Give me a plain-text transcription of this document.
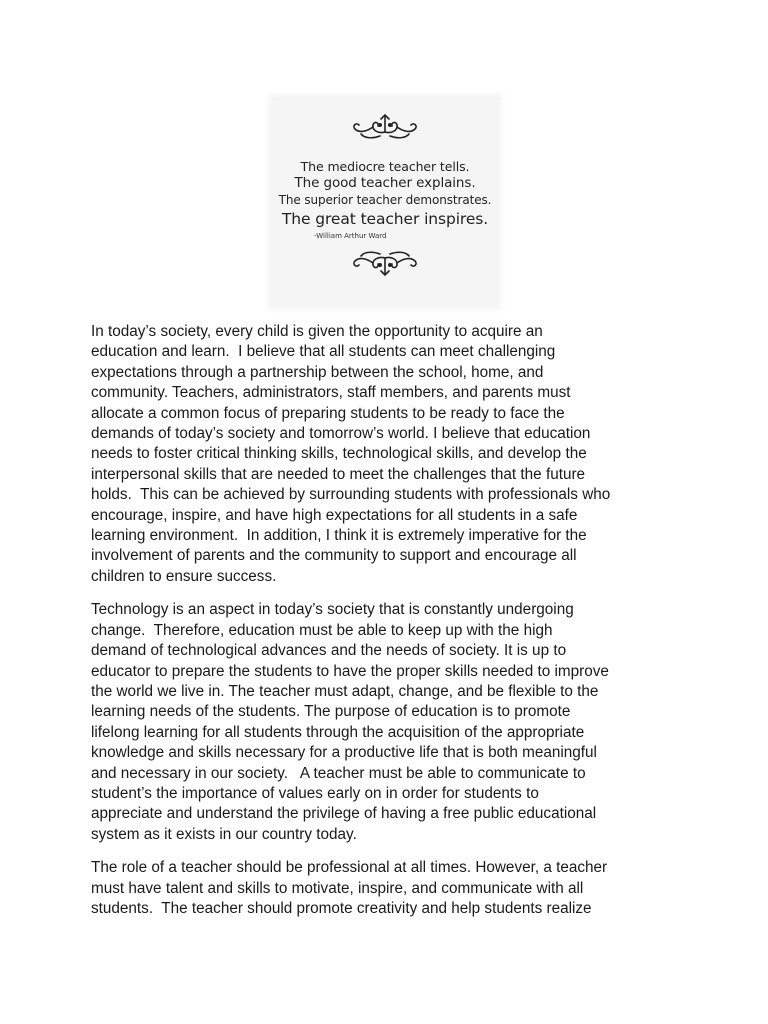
The mediocre teacher tells.
The good teacher explains.
The superior teacher demonstrates.
The great teacher inspires.
-William Arthur Ward

In today’s society, every child is given the opportunity to acquire an
education and learn.  I believe that all students can meet challenging
expectations through a partnership between the school, home, and
community. Teachers, administrators, staff members, and parents must
allocate a common focus of preparing students to be ready to face the
demands of today’s society and tomorrow’s world. I believe that education
needs to foster critical thinking skills, technological skills, and develop the
interpersonal skills that are needed to meet the challenges that the future
holds.  This can be achieved by surrounding students with professionals who
encourage, inspire, and have high expectations for all students in a safe
learning environment.  In addition, I think it is extremely imperative for the
involvement of parents and the community to support and encourage all
children to ensure success.

Technology is an aspect in today’s society that is constantly undergoing
change.  Therefore, education must be able to keep up with the high
demand of technological advances and the needs of society. It is up to
educator to prepare the students to have the proper skills needed to improve
the world we live in. The teacher must adapt, change, and be flexible to the
learning needs of the students. The purpose of education is to promote
lifelong learning for all students through the acquisition of the appropriate
knowledge and skills necessary for a productive life that is both meaningful
and necessary in our society.   A teacher must be able to communicate to
student’s the importance of values early on in order for students to
appreciate and understand the privilege of having a free public educational
system as it exists in our country today.

The role of a teacher should be professional at all times. However, a teacher
must have talent and skills to motivate, inspire, and communicate with all
students.  The teacher should promote creativity and help students realize
